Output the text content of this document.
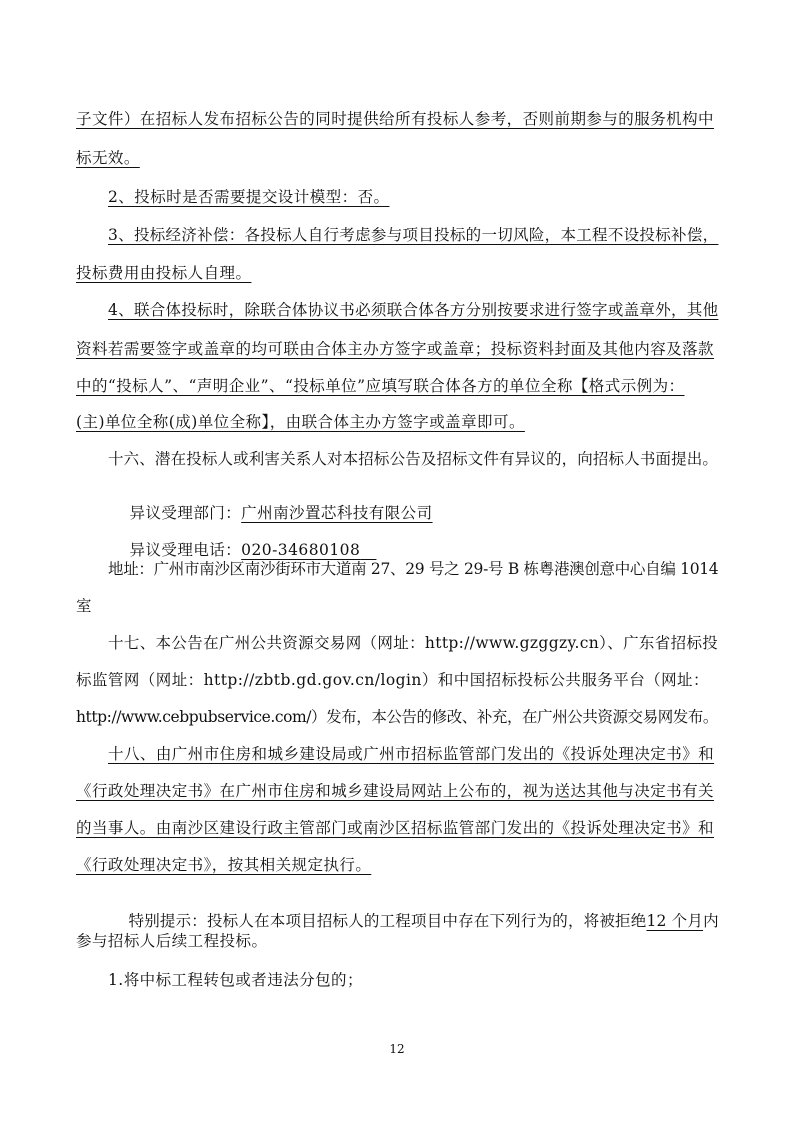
子文件）在招标人发布招标公告的同时提供给所有投标人参考，否则前期参与的服务机构中
标无效。
2、投标时是否需要提交设计模型：否。
3、投标经济补偿：各投标人自行考虑参与项目投标的一切风险，本工程不设投标补偿，
投标费用由投标人自理。
4、联合体投标时，除联合体协议书必须联合体各方分别按要求进行签字或盖章外，其他
资料若需要签字或盖章的均可联由合体主办方签字或盖章；投标资料封面及其他内容及落款
中的“投标人”、“声明企业”、“投标单位”应填写联合体各方的单位全称【格式示例为：
(主)单位全称(成)单位全称】，由联合体主办方签字或盖章即可。
十六、潜在投标人或利害关系人对本招标公告及招标文件有异议的，向招标人书面提出。

异议受理部门：广州南沙置芯科技有限公司

异议受理电话：020-34680108

地址：广州市南沙区南沙街环市大道南 27、29 号之 29-号 B 栋粤港澳创意中心自编 1014
室
十七、本公告在广州公共资源交易网（网址：http://www.gzggzy.cn）、广东省招标投
标监管网（网址：http://zbtb.gd.gov.cn/login）和中国招标投标公共服务平台（网址：
http://www.cebpubservice.com/）发布，本公告的修改、补充，在广州公共资源交易网发布。
十八、由广州市住房和城乡建设局或广州市招标监管部门发出的《投诉处理决定书》和
《行政处理决定书》在广州市住房和城乡建设局网站上公布的，视为送达其他与决定书有关
的当事人。由南沙区建设行政主管部门或南沙区招标监管部门发出的《投诉处理决定书》和
《行政处理决定书》，按其相关规定执行。

特别提示：投标人在本项目招标人的工程项目中存在下列行为的，将被拒绝12 个月内

参与招标人后续工程投标。
1.将中标工程转包或者违法分包的；
12
